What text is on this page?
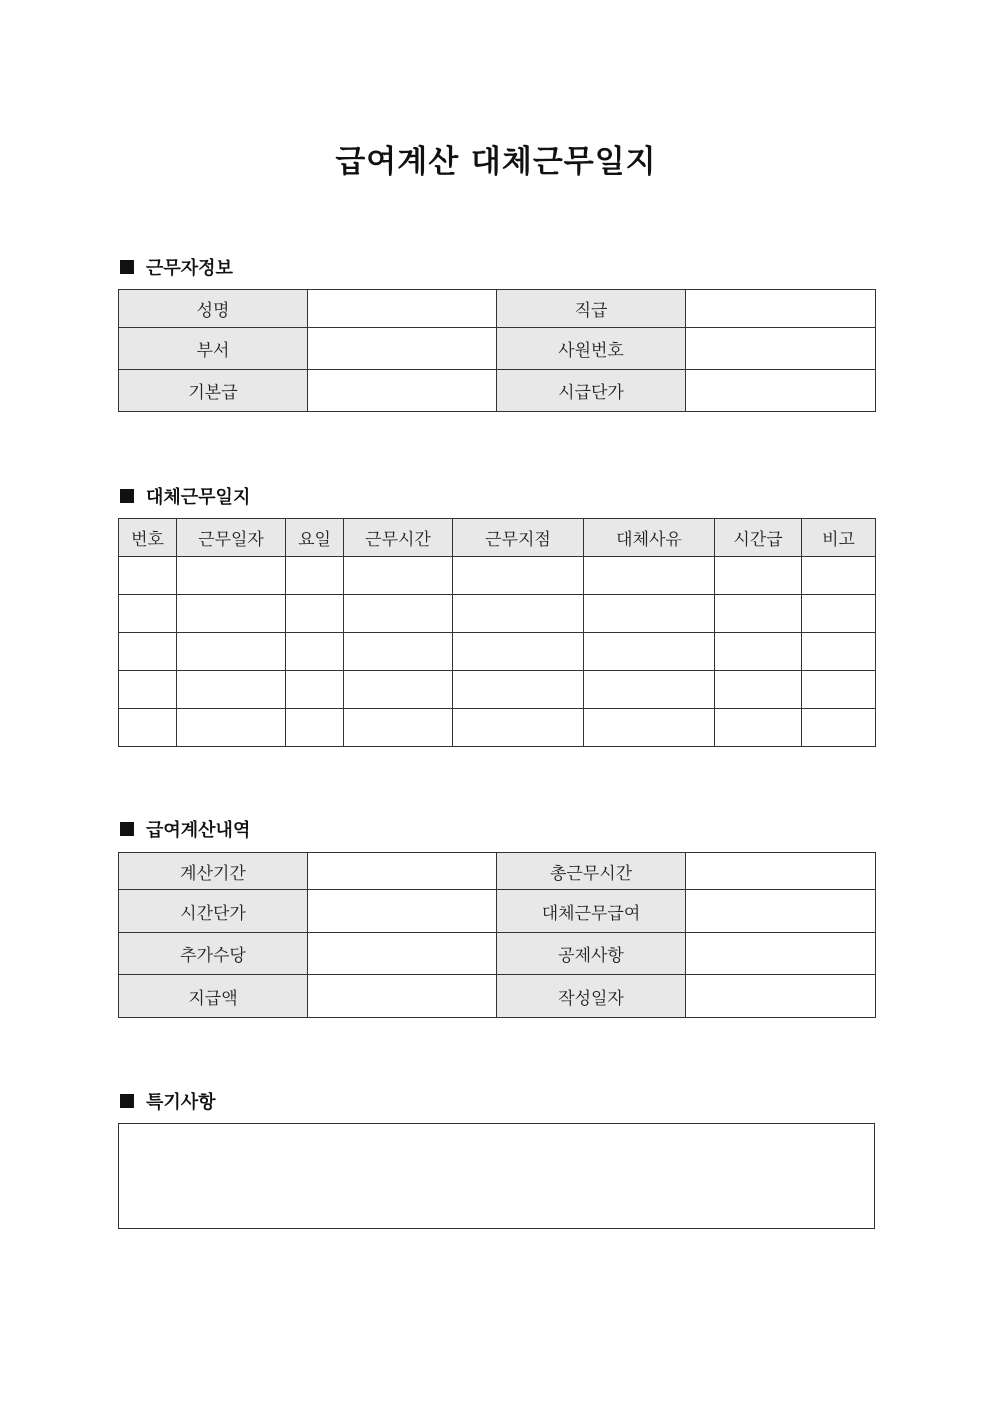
급여계산 대체근무일지
근무자정보
성명		직급	
부서		사원번호	
기본급		시급단가	
대체근무일지
번호	근무일자	요일	근무시간	근무지점	대체사유	시간급	비고

급여계산내역
계산기간		총근무시간	
시간단가		대체근무급여	
추가수당		공제사항	
지급액		작성일자	
특기사항
